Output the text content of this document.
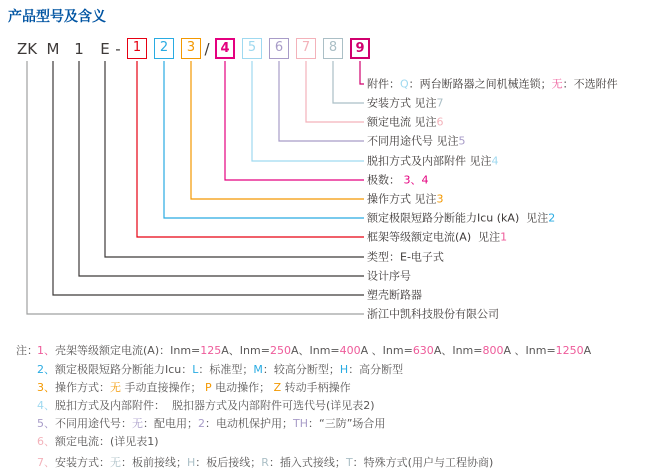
产品型号及含义
ZK M 1 E -	/
1	2	3	4	5	6	7	8	9
附件：Q：两台断路器之间机械连锁；无：不选附件
安装方式 见注7
额定电流 见注6
不同用途代号 见注5
脱扣方式及内部附件 见注4
极数： 3、4
操作方式 见注3
额定极限短路分断能力Icu (kA)  见注2
框架等级额定电流(A)  见注1
类型：E-电子式
设计序号
塑壳断路器
浙江中凯科技股份有限公司
注： 1、壳架等级额定电流(A)：Inm=125A、Inm=250A、Inm=400A 、Inm=630A、Inm=800A 、Inm=1250A
2、额定极限短路分断能力Icu：L：标准型；M：较高分断型；H：高分断型
3、操作方式：无 手动直接操作； P 电动操作； Z 转动手柄操作
4、脱扣方式及内部附件：  脱扣器方式及内部附件可选代号(详见表2)
5、不同用途代号：无：配电用；2：电动机保护用；TH：“三防”场合用
6、额定电流：(详见表1)
7、安装方式：无：板前接线；H：板后接线；R：插入式接线；T：特殊方式(用户与工程协商)
